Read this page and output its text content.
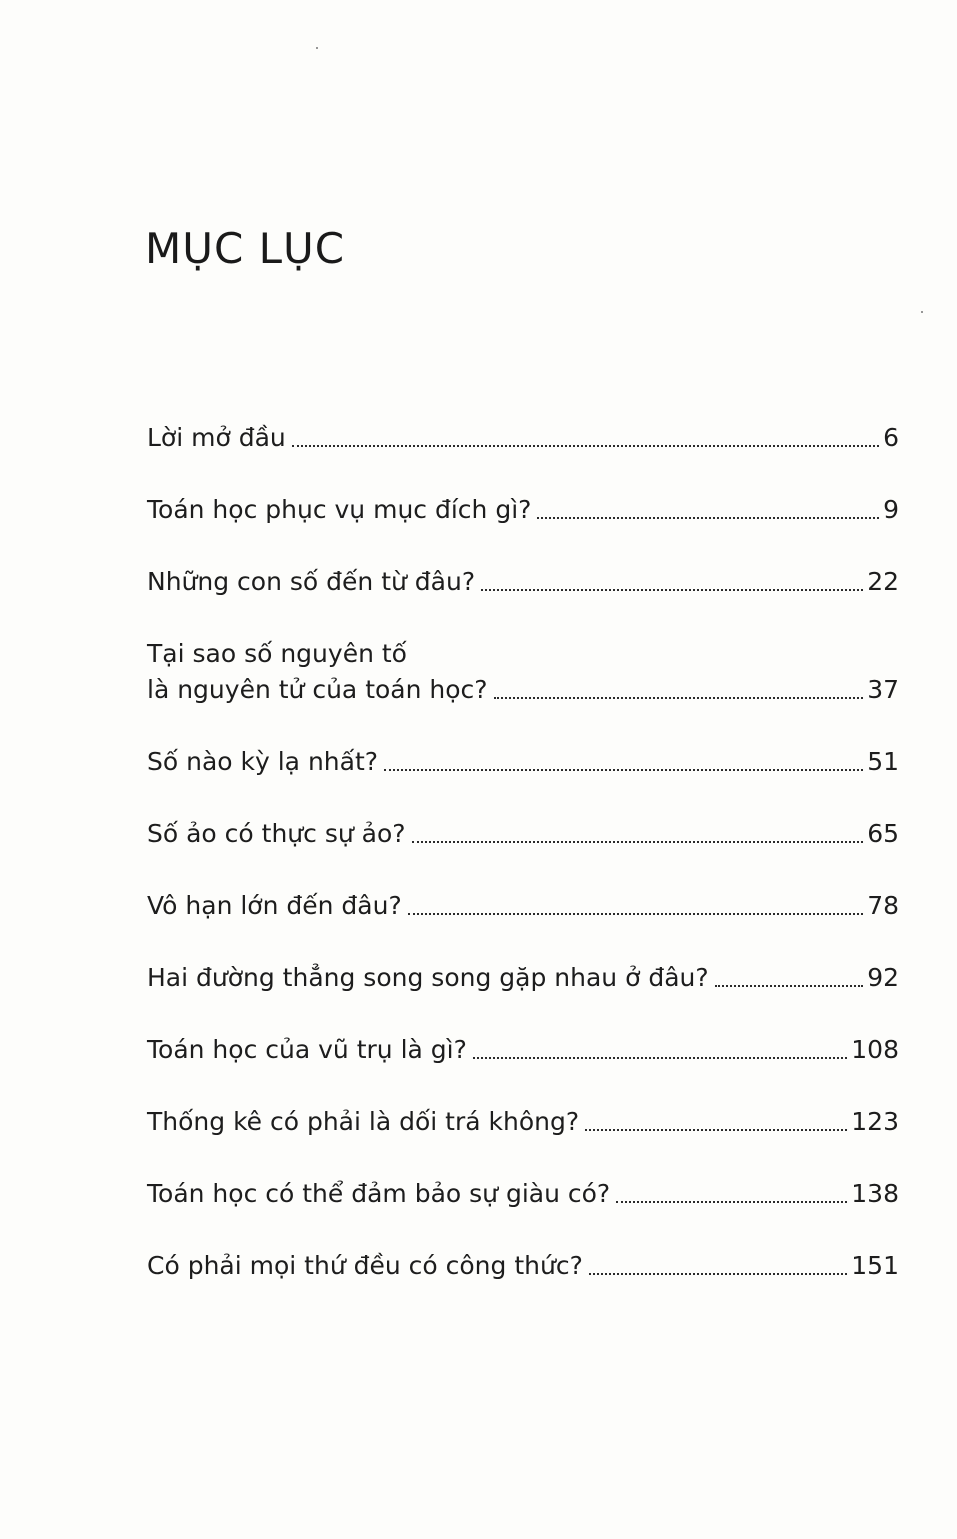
MỤC LỤC
Lời mở đầu	6
Toán học phục vụ mục đích gì?	9
Những con số đến từ đâu?	22
Tại sao số nguyên tố
là nguyên tử của toán học?	37
Số nào kỳ lạ nhất?	51
Số ảo có thực sự ảo?	65
Vô hạn lớn đến đâu?	78
Hai đường thẳng song song gặp nhau ở đâu?	92
Toán học của vũ trụ là gì?	108
Thống kê có phải là dối trá không?	123
Toán học có thể đảm bảo sự giàu có?	138
Có phải mọi thứ đều có công thức?	151
